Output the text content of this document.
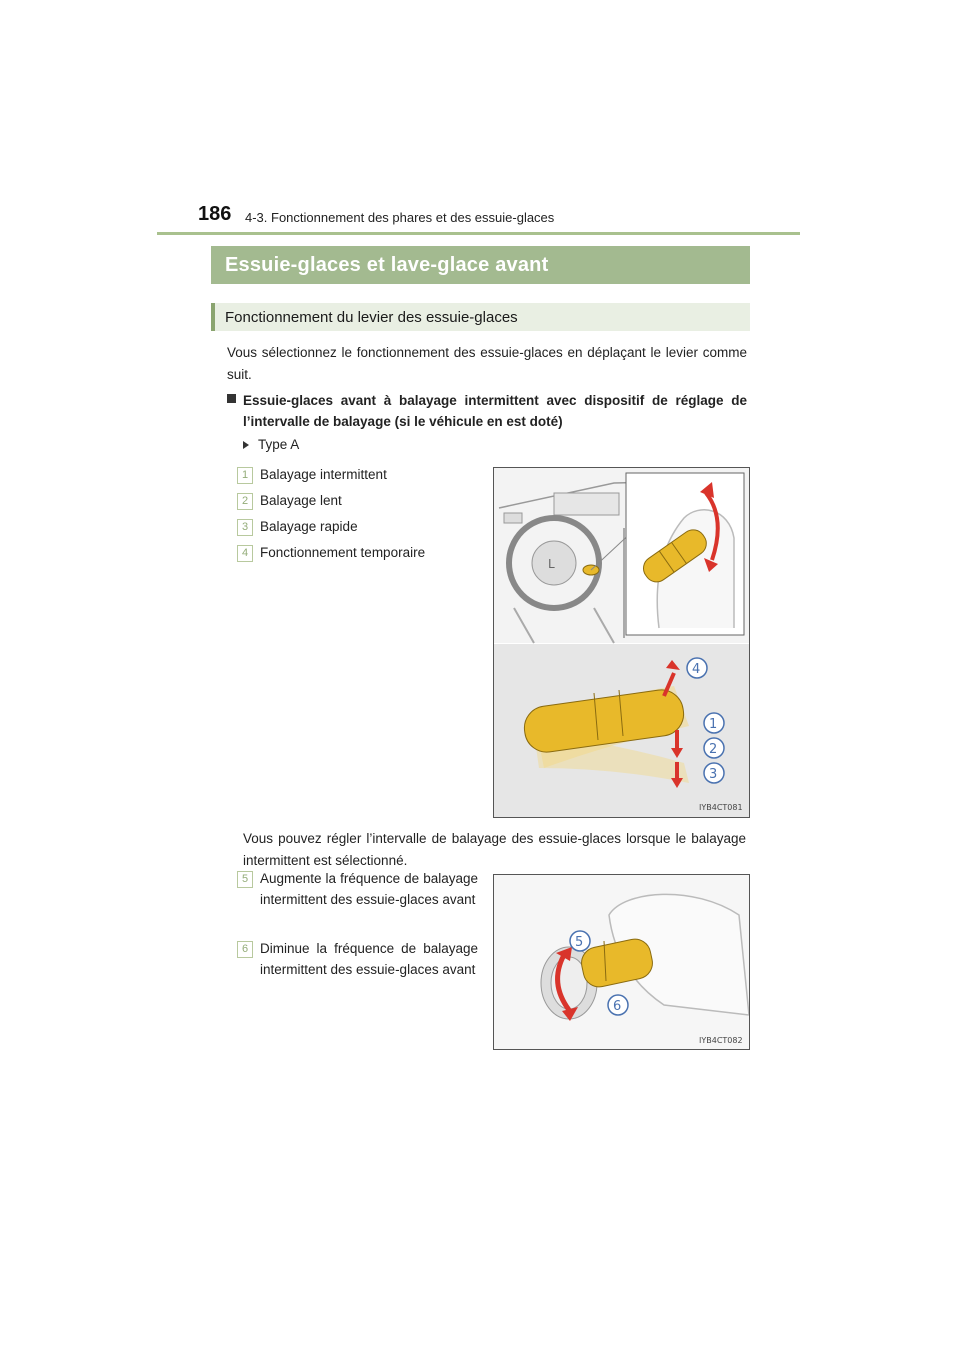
186 4-3. Fonctionnement des phares et des essuie-glaces
Essuie-glaces et lave-glace avant
Fonctionnement du levier des essuie-glaces
Vous sélectionnez le fonctionnement des essuie-glaces en déplaçant le levier comme suit.
Essuie-glaces avant à balayage intermittent avec dispositif de réglage de l’intervalle de balayage (si le véhicule en est doté)
Type A
1 Balayage intermittent
2 Balayage lent
3 Balayage rapide
4 Fonctionnement temporaire
L
4
1
2
3
IYB4CT081
Vous pouvez régler l’intervalle de balayage des essuie-glaces lorsque le balayage intermittent est sélectionné.
5 Augmente la fréquence de balayage intermittent des essuie-glaces avant
6 Diminue la fréquence de balayage intermittent des essuie-glaces avant
5
6
IYB4CT082
